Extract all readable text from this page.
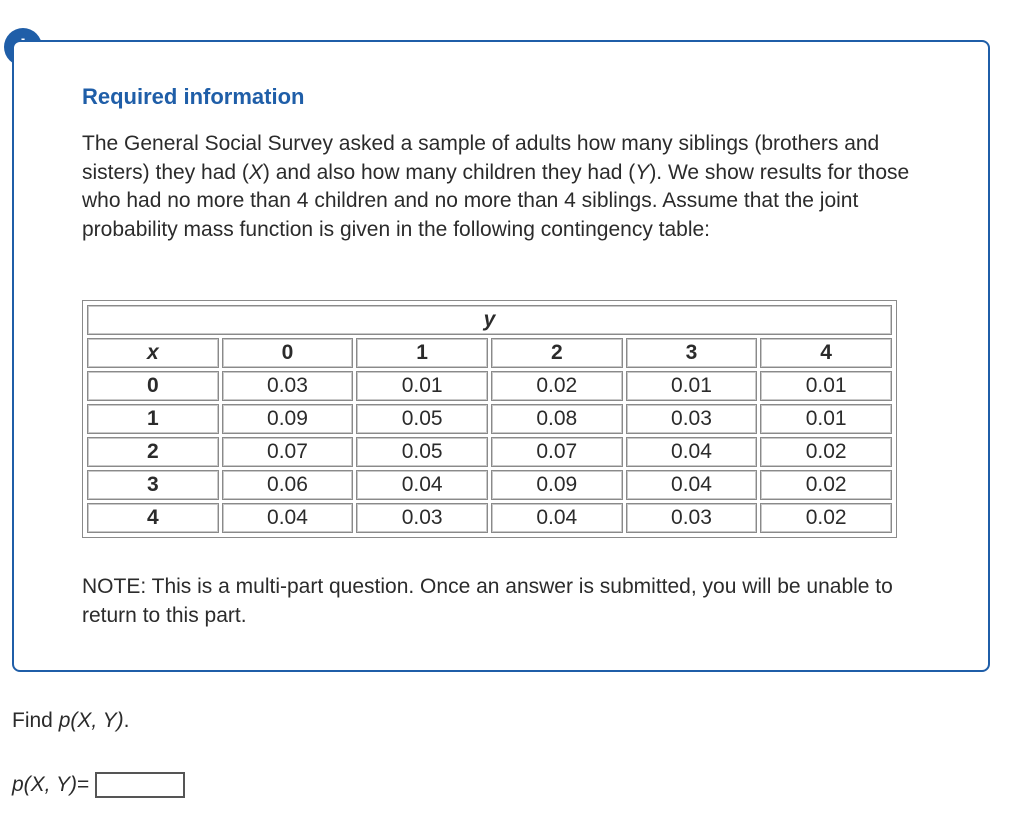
Required information
The General Social Survey asked a sample of adults how many siblings (brothers and sisters) they had (X) and also how many children they had (Y). We show results for those who had no more than 4 children and no more than 4 siblings. Assume that the joint probability mass function is given in the following contingency table:
y					
x	0	1	2	3	4
0	0.03	0.01	0.02	0.01	0.01
1	0.09	0.05	0.08	0.03	0.01
2	0.07	0.05	0.07	0.04	0.02
3	0.06	0.04	0.09	0.04	0.02
4	0.04	0.03	0.04	0.03	0.02
NOTE: This is a multi-part question. Once an answer is submitted, you will be unable to return to this part.
Find p(X, Y).
p(X, Y) =
